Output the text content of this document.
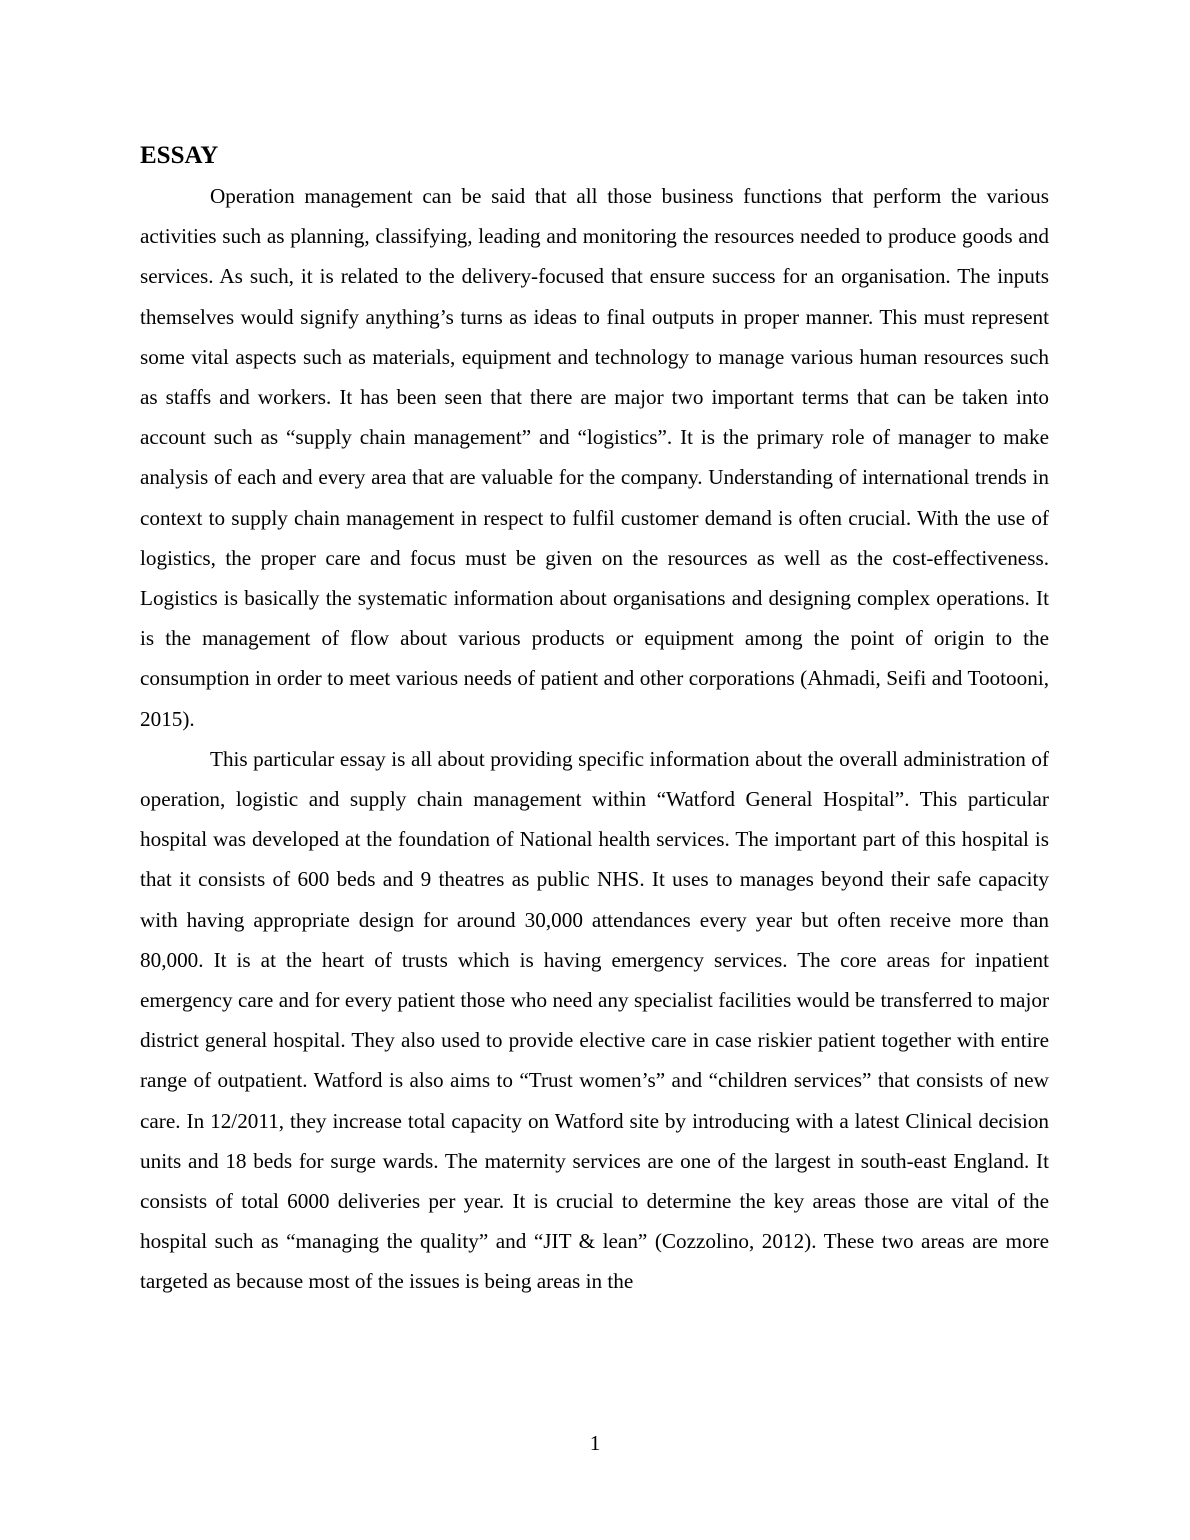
ESSAY

Operation management can be said that all those business functions that perform the various activities such as planning, classifying, leading and monitoring the resources needed to produce goods and services. As such, it is related to the delivery-focused that ensure success for an organisation. The inputs themselves would signify anything’s turns as ideas to final outputs in proper manner. This must represent some vital aspects such as materials, equipment and technology to manage various human resources such as staffs and workers. It has been seen that there are major two important terms that can be taken into account such as “supply chain management” and “logistics”. It is the primary role of manager to make analysis of each and every area that are valuable for the company. Understanding of international trends in context to supply chain management in respect to fulfil customer demand is often crucial. With the use of logistics, the proper care and focus must be given on the resources as well as the cost-effectiveness. Logistics is basically the systematic information about organisations and designing complex operations. It is the management of flow about various products or equipment among the point of origin to the consumption in order to meet various needs of patient and other corporations (Ahmadi, Seifi and Tootooni, 2015).

This particular essay is all about providing specific information about the overall administration of operation, logistic and supply chain management within “Watford General Hospital”. This particular hospital was developed at the foundation of National health services. The important part of this hospital is that it consists of 600 beds and 9 theatres as public NHS. It uses to manages beyond their safe capacity with having appropriate design for around 30,000 attendances every year but often receive more than 80,000. It is at the heart of trusts which is having emergency services. The core areas for inpatient emergency care and for every patient those who need any specialist facilities would be transferred to major district general hospital. They also used to provide elective care in case riskier patient together with entire range of outpatient. Watford is also aims to “Trust women’s” and “children services” that consists of new care. In 12/2011, they increase total capacity on Watford site by introducing with a latest Clinical decision units and 18 beds for surge wards. The maternity services are one of the largest in south-east England. It consists of total 6000 deliveries per year. It is crucial to determine the key areas those are vital of the hospital such as “managing the quality” and “JIT & lean” (Cozzolino, 2012). These two areas are more targeted as because most of the issues is being areas in the

1
